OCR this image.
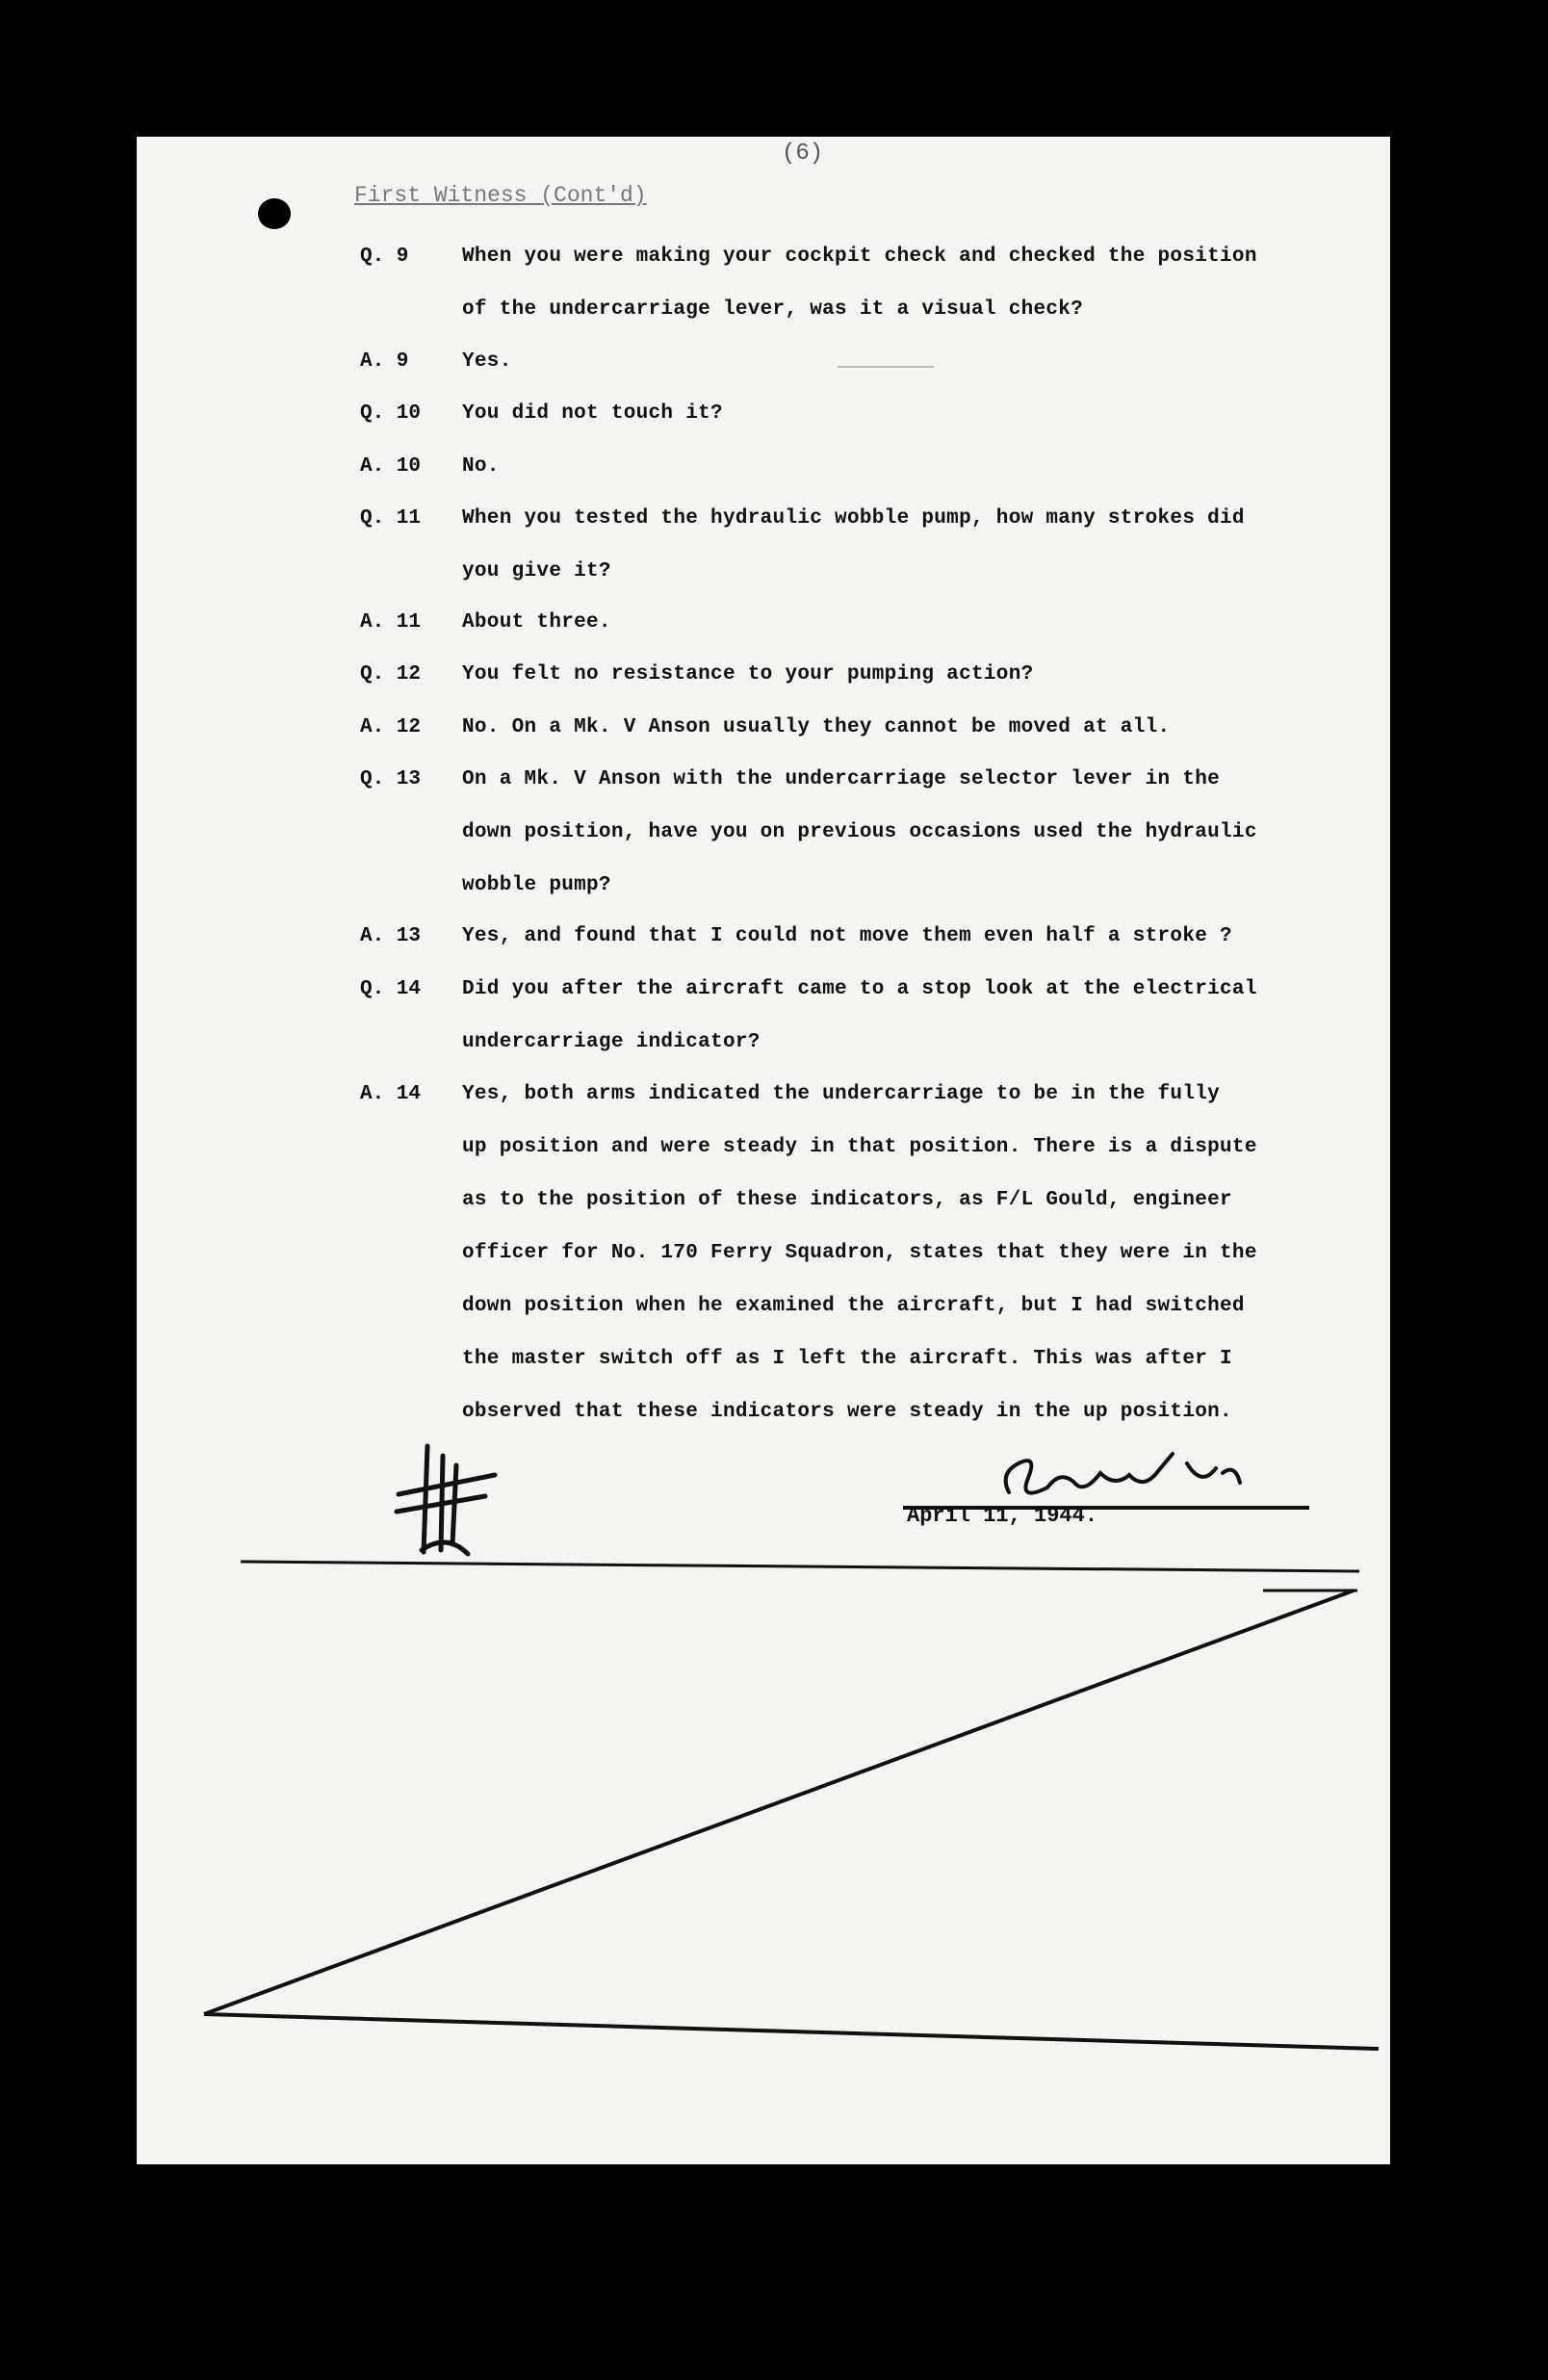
(6)
First Witness (Cont'd)
Q. 9	When you were making your cockpit check and checked the position
of the undercarriage lever, was it a visual check?
A. 9	Yes.
Q. 10 You did not touch it?
A. 10 No.
Q. 11 When you tested the hydraulic wobble pump, how many strokes did
you give it?
A. 11 About three.
Q. 12 You felt no resistance to your pumping action?
A. 12 No. On a Mk. V Anson usually they cannot be moved at all.
Q. 13 On a Mk. V Anson with the undercarriage selector lever in the
down position, have you on previous occasions used the hydraulic
wobble pump?
A. 13 Yes, and found that I could not move them even half a stroke ?
Q. 14 Did you after the aircraft came to a stop look at the electrical
undercarriage indicator?
A. 14 Yes, both arms indicated the undercarriage to be in the fully
up position and were steady in that position. There is a dispute
as to the position of these indicators, as F/L Gould, engineer
officer for No. 170 Ferry Squadron, states that they were in the
down position when he examined the aircraft, but I had switched
the master switch off as I left the aircraft. This was after I
observed that these indicators were steady in the up position.
April 11, 1944.
